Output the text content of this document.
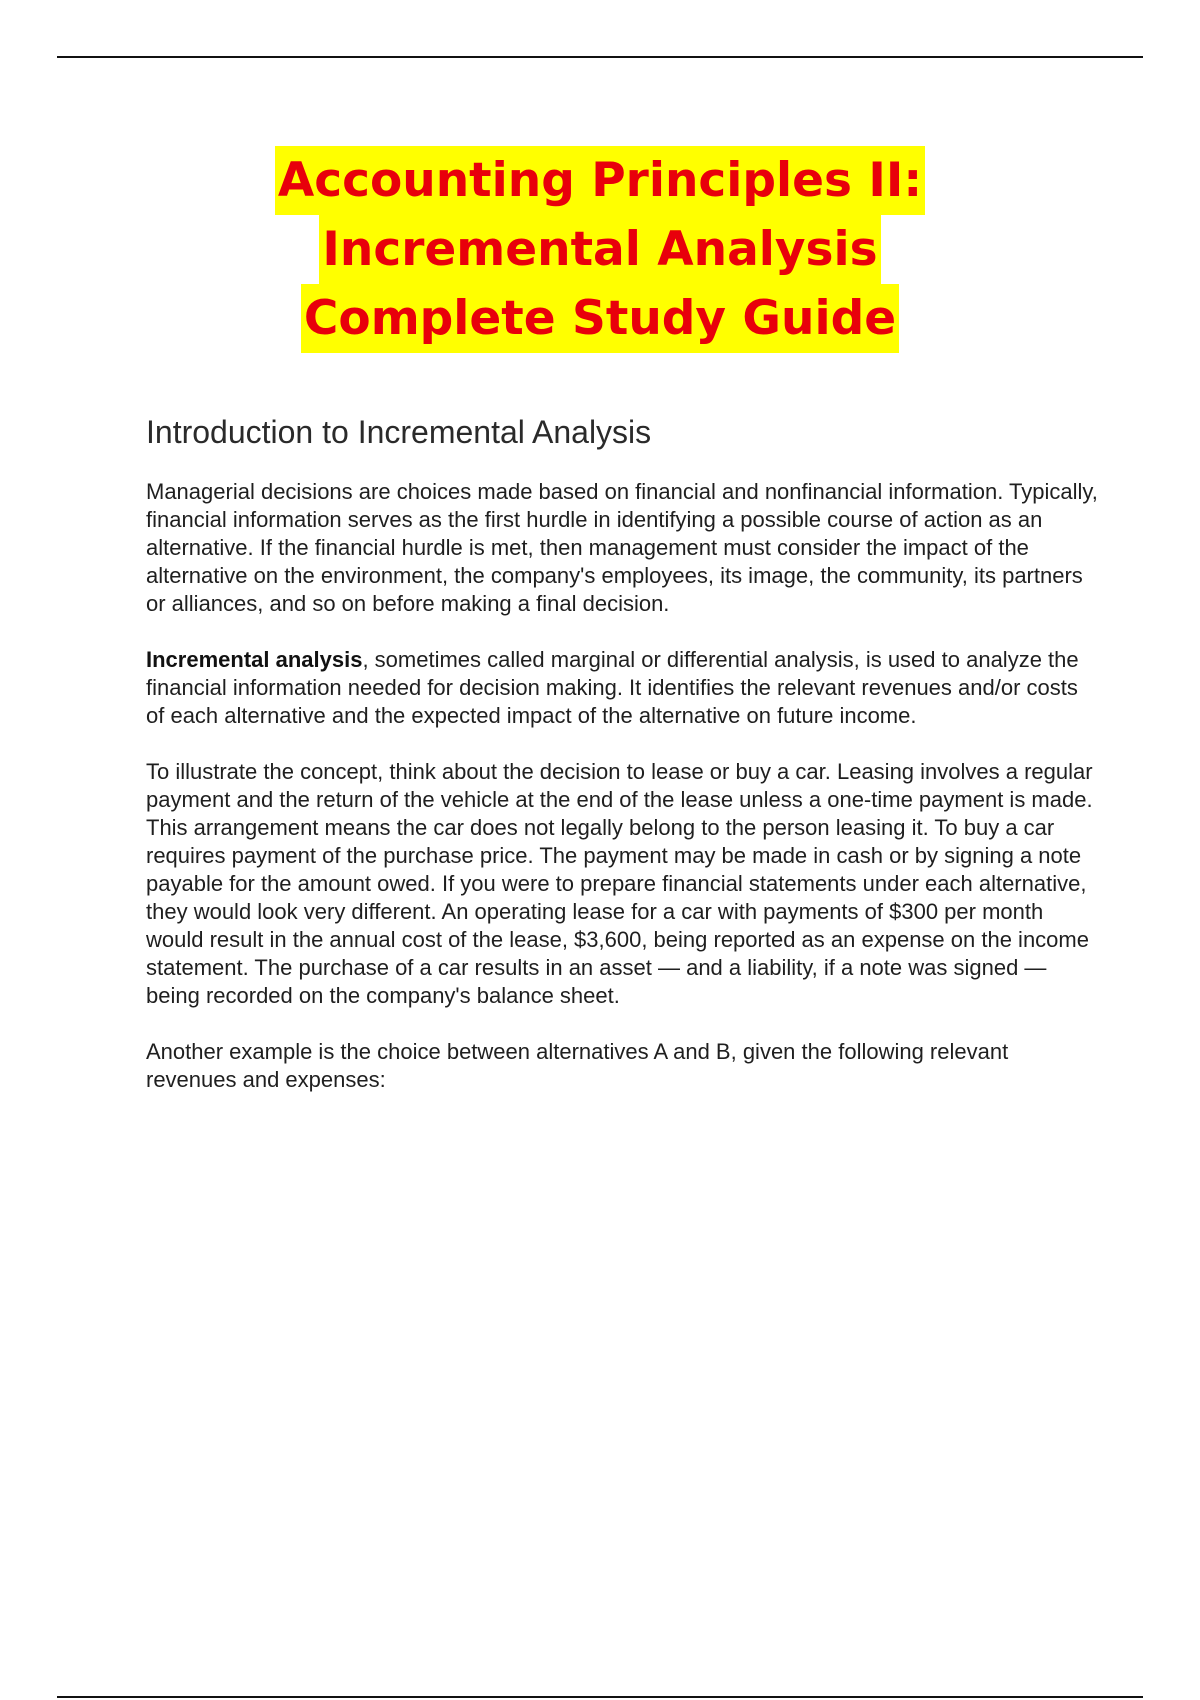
Accounting Principles II:
Incremental Analysis
Complete Study Guide
Introduction to Incremental Analysis

Managerial decisions are choices made based on financial and nonfinancial information. Typically, financial information serves as the first hurdle in identifying a possible course of action as an alternative. If the financial hurdle is met, then management must consider the impact of the alternative on the environment, the company's employees, its image, the community, its partners or alliances, and so on before making a final decision.

Incremental analysis, sometimes called marginal or differential analysis, is used to analyze the financial information needed for decision making. It identifies the relevant revenues and/or costs of each alternative and the expected impact of the alternative on future income.

To illustrate the concept, think about the decision to lease or buy a car. Leasing involves a regular payment and the return of the vehicle at the end of the lease unless a one-time payment is made. This arrangement means the car does not legally belong to the person leasing it. To buy a car requires payment of the purchase price. The payment may be made in cash or by signing a note payable for the amount owed. If you were to prepare financial statements under each alternative, they would look very different. An operating lease for a car with payments of $300 per month would result in the annual cost of the lease, $3,600, being reported as an expense on the income statement. The purchase of a car results in an asset — and a liability, if a note was signed — being recorded on the company's balance sheet.

Another example is the choice between alternatives A and B, given the following relevant revenues and expenses:
